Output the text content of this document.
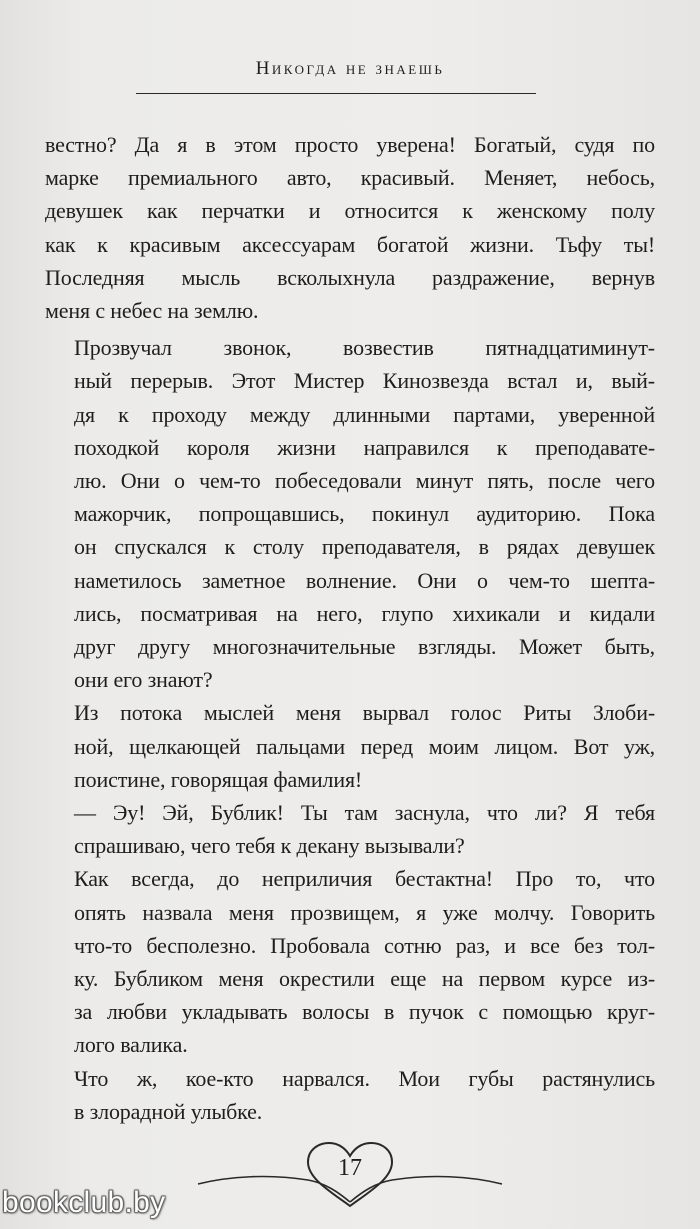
Никогда не знаешь

вестно? Да я в этом просто уверена! Богатый, судя по
марке премиального авто, красивый. Меняет, небось,
девушек как перчатки и относится к женскому полу
как к красивым аксессуарам богатой жизни. Тьфу ты!
Последняя мысль всколыхнула раздражение, вернув
меня с небес на землю.

Прозвучал звонок, возвестив пятнадцатиминут-
ный перерыв. Этот Мистер Кинозвезда встал и, вый-
дя к проходу между длинными партами, уверенной
походкой короля жизни направился к преподавате-
лю. Они о чем-то побеседовали минут пять, после чего
мажорчик, попрощавшись, покинул аудиторию. Пока
он спускался к столу преподавателя, в рядах девушек
наметилось заметное волнение. Они о чем-то шепта-
лись, посматривая на него, глупо хихикали и кидали
друг другу многозначительные взгляды. Может быть,
они его знают?

Из потока мыслей меня вырвал голос Риты Злоби-
ной, щелкающей пальцами перед моим лицом. Вот уж,
поистине, говорящая фамилия!

— Эу! Эй, Бублик! Ты там заснула, что ли? Я тебя
спрашиваю, чего тебя к декану вызывали?

Как всегда, до неприличия бестактна! Про то, что
опять назвала меня прозвищем, я уже молчу. Говорить
что-то бесполезно. Пробовала сотню раз, и все без тол-
ку. Бубликом меня окрестили еще на первом курсе из-
за любви укладывать волосы в пучок с помощью круг-
лого валика.

Что ж, кое-кто нарвался. Мои губы растянулись
в злорадной улыбке.

17
bookclub.by
